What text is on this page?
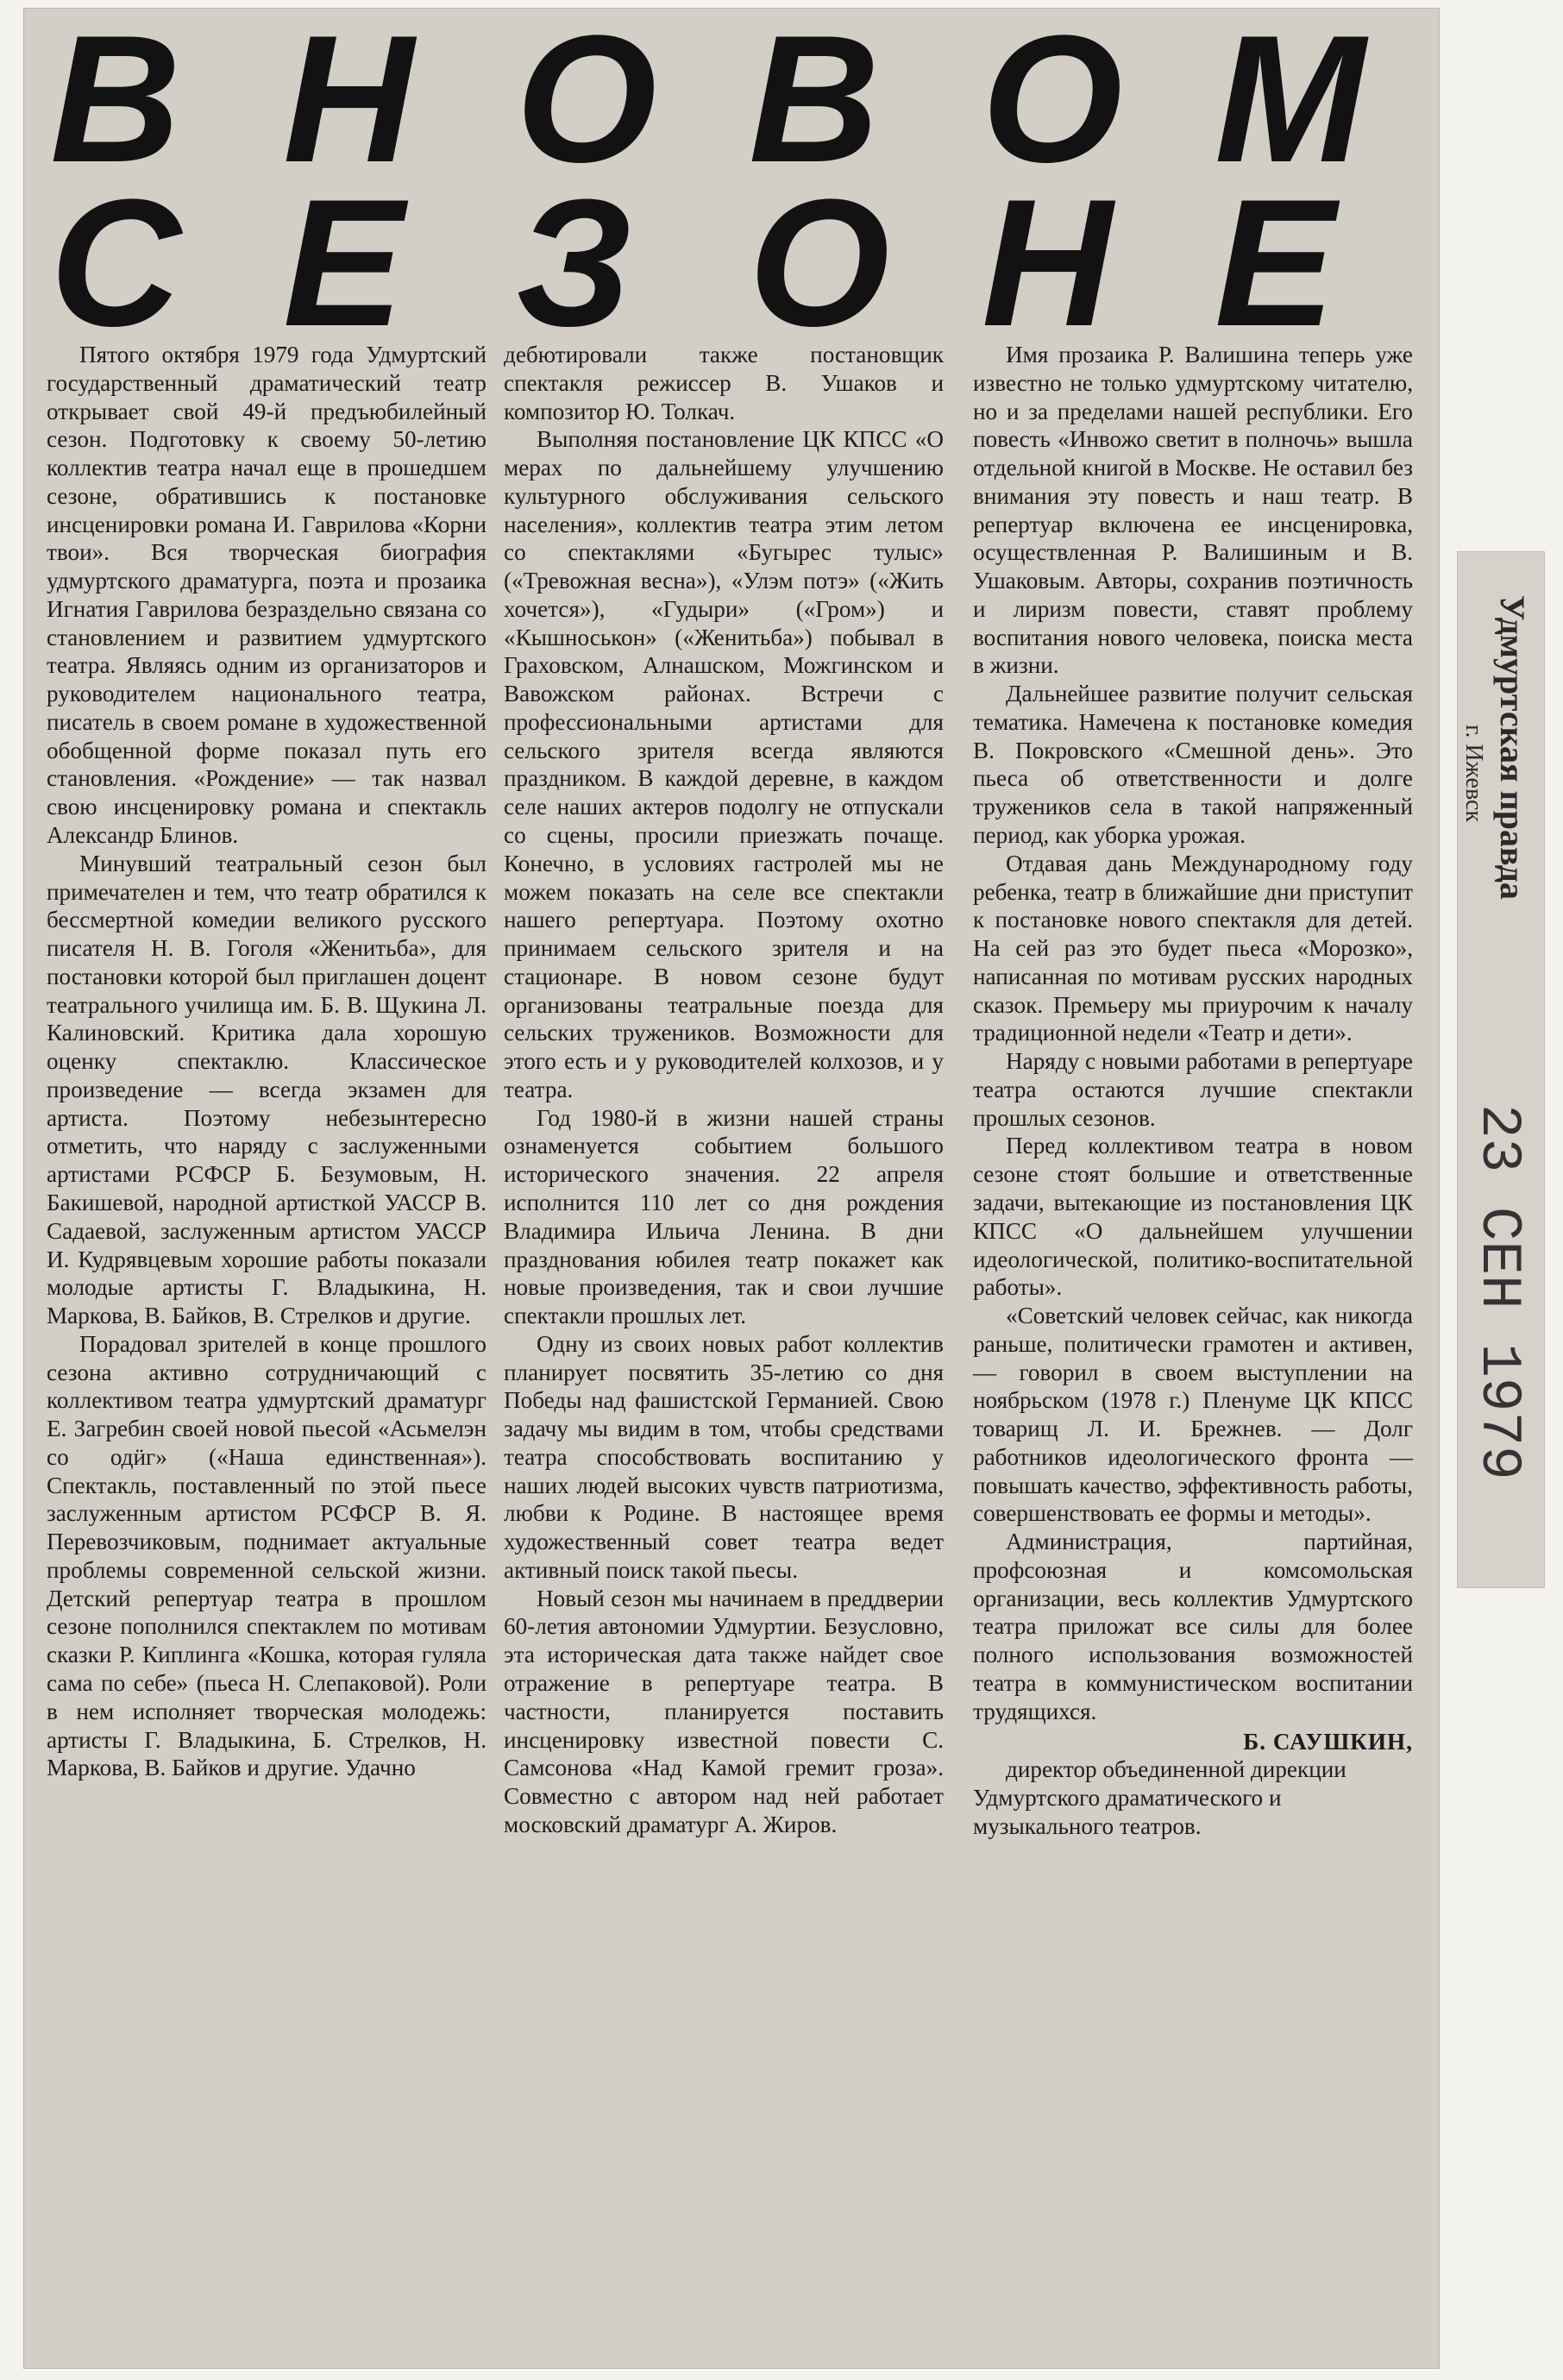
В Н О В О М
С Е З О Н Е

Пятого октября 1979 года Удмуртский государственный драматический театр открывает свой 49-й предъюбилейный сезон. Подготовку к своему 50-летию коллектив театра начал еще в прошедшем сезоне, обратившись к постановке инсценировки романа И. Гаврилова «Корни твои». Вся творческая биография удмуртского драматурга, поэта и прозаика Игнатия Гаврилова безраздельно связана со становлением и развитием удмуртского театра. Являясь одним из организаторов и руководителем национального театра, писатель в своем романе в художественной обобщенной форме показал путь его становления. «Рождение» — так назвал свою инсценировку романа и спектакль Александр Блинов.

Минувший театральный сезон был примечателен и тем, что театр обратился к бессмертной комедии великого русского писателя Н. В. Гоголя «Женитьба», для постановки которой был приглашен доцент театрального училища им. Б. В. Щукина Л. Калиновский. Критика дала хорошую оценку спектаклю. Классическое произведение — всегда экзамен для артиста. Поэтому небезынтересно отметить, что наряду с заслуженными артистами РСФСР Б. Безумовым, Н. Бакишевой, народной артисткой УАССР В. Садаевой, заслуженным артистом УАССР И. Кудрявцевым хорошие работы показали молодые артисты Г. Владыкина, Н. Маркова, В. Байков, В. Стрелков и другие.

Порадовал зрителей в конце прошлого сезона активно сотрудничающий с коллективом театра удмуртский драматург Е. Загребин своей новой пьесой «Асьмелэн со одӥг» («Наша единственная»). Спектакль, поставленный по этой пьесе заслуженным артистом РСФСР В. Я. Перевозчиковым, поднимает актуальные проблемы современной сельской жизни. Детский репертуар театра в прошлом сезоне пополнился спектаклем по мотивам сказки Р. Киплинга «Кошка, которая гуляла сама по себе» (пьеса Н. Слепаковой). Роли в нем исполняет творческая молодежь: артисты Г. Владыкина, Б. Стрелков, Н. Маркова, В. Байков и другие. Удачно

дебютировали также постановщик спектакля режиссер В. Ушаков и композитор Ю. Толкач.

Выполняя постановление ЦК КПСС «О мерах по дальнейшему улучшению культурного обслуживания сельского населения», коллектив театра этим летом со спектаклями «Бугырес тулыс» («Тревожная весна»), «Улэм потэ» («Жить хочется»), «Гудыри» («Гром») и «Кышноськон» («Женитьба») побывал в Граховском, Алнашском, Можгинском и Вавожском районах. Встречи с профессиональными артистами для сельского зрителя всегда являются праздником. В каждой деревне, в каждом селе наших актеров подолгу не отпускали со сцены, просили приезжать почаще. Конечно, в условиях гастролей мы не можем показать на селе все спектакли нашего репертуара. Поэтому охотно принимаем сельского зрителя и на стационаре. В новом сезоне будут организованы театральные поезда для сельских тружеников. Возможности для этого есть и у руководителей колхозов, и у театра.

Год 1980-й в жизни нашей страны ознаменуется событием большого исторического значения. 22 апреля исполнится 110 лет со дня рождения Владимира Ильича Ленина. В дни празднования юбилея театр покажет как новые произведения, так и свои лучшие спектакли прошлых лет.

Одну из своих новых работ коллектив планирует посвятить 35-летию со дня Победы над фашистской Германией. Свою задачу мы видим в том, чтобы средствами театра способствовать воспитанию у наших людей высоких чувств патриотизма, любви к Родине. В настоящее время художественный совет театра ведет активный поиск такой пьесы.

Новый сезон мы начинаем в преддверии 60-летия автономии Удмуртии. Безусловно, эта историческая дата также найдет свое отражение в репертуаре театра. В частности, планируется поставить инсценировку известной повести С. Самсонова «Над Камой гремит гроза». Совместно с автором над ней работает московский драматург А. Жиров.

Имя прозаика Р. Валишина теперь уже известно не только удмуртскому читателю, но и за пределами нашей республики. Его повесть «Инвожо светит в полночь» вышла отдельной книгой в Москве. Не оставил без внимания эту повесть и наш театр. В репертуар включена ее инсценировка, осуществленная Р. Валишиным и В. Ушаковым. Авторы, сохранив поэтичность и лиризм повести, ставят проблему воспитания нового человека, поиска места в жизни.

Дальнейшее развитие получит сельская тематика. Намечена к постановке комедия В. Покровского «Смешной день». Это пьеса об ответственности и долге тружеников села в такой напряженный период, как уборка урожая.

Отдавая дань Международному году ребенка, театр в ближайшие дни приступит к постановке нового спектакля для детей. На сей раз это будет пьеса «Морозко», написанная по мотивам русских народных сказок. Премьеру мы приурочим к началу традиционной недели «Театр и дети».

Наряду с новыми работами в репертуаре театра остаются лучшие спектакли прошлых сезонов.

Перед коллективом театра в новом сезоне стоят большие и ответственные задачи, вытекающие из постановления ЦК КПСС «О дальнейшем улучшении идеологической, политико-воспитательной работы».

«Советский человек сейчас, как никогда раньше, политически грамотен и активен, — говорил в своем выступлении на ноябрьском (1978 г.) Пленуме ЦК КПСС товарищ Л. И. Брежнев. — Долг работников идеологического фронта — повышать качество, эффективность работы, совершенствовать ее формы и методы».

Администрация, партийная, профсоюзная и комсомольская организации, весь коллектив Удмуртского театра приложат все силы для более полного использования возможностей театра в коммунистическом воспитании трудящихся.

Б. САУШКИН,

директор объединенной дирекции Удмуртского драматического и музыкального театров.

Удмуртская правда
г. Ижевск
23 СЕН 1979
